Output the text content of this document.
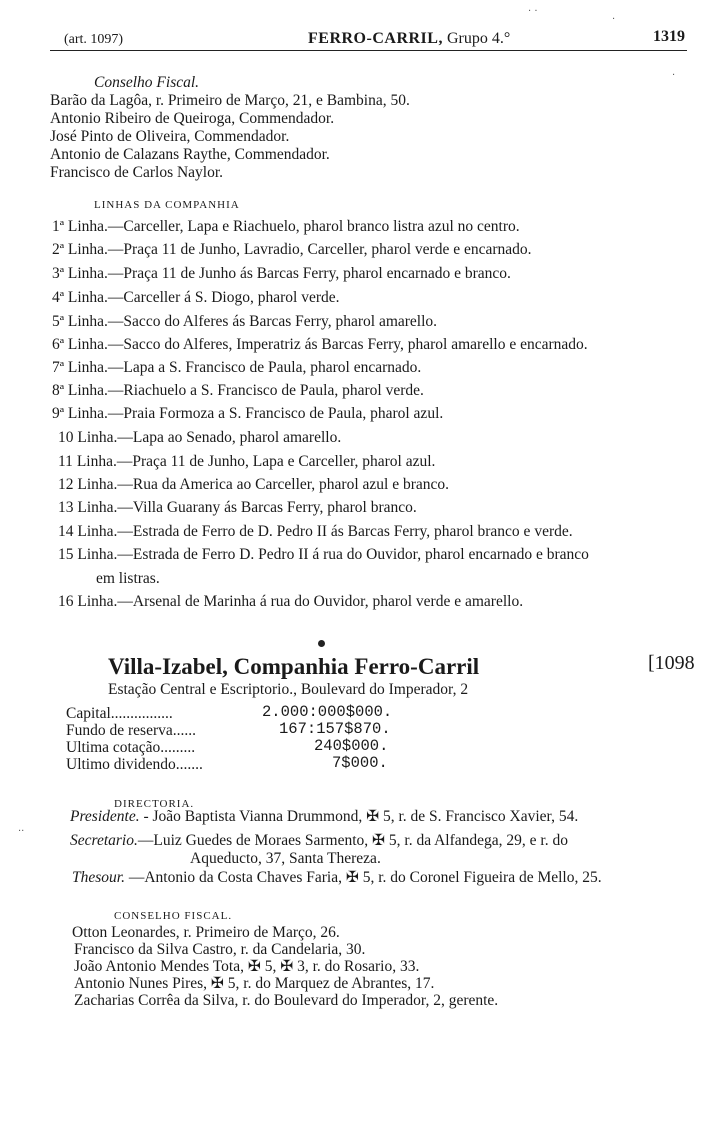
(art. 1097)	FERRO-CARRIL, Grupo 4.°	1319
Conselho Fiscal.
Barão da Lagôa, r. Primeiro de Março, 21, e Bambina, 50.
Antonio Ribeiro de Queiroga, Commendador.
José Pinto de Oliveira, Commendador.
Antonio de Calazans Raythe, Commendador.
Francisco de Carlos Naylor.
LINHAS DA COMPANHIA
1ª Linha.—Carceller, Lapa e Riachuelo, pharol branco listra azul no centro.
2ª Linha.—Praça 11 de Junho, Lavradio, Carceller, pharol verde e encarnado.
3ª Linha.—Praça 11 de Junho ás Barcas Ferry, pharol encarnado e branco.
4ª Linha.—Carceller á S. Diogo, pharol verde.
5ª Linha.—Sacco do Alferes ás Barcas Ferry, pharol amarello.
6ª Linha.—Sacco do Alferes, Imperatriz ás Barcas Ferry, pharol amarello e encarnado.
7ª Linha.—Lapa a S. Francisco de Paula, pharol encarnado.
8ª Linha.—Riachuelo a S. Francisco de Paula, pharol verde.
9ª Linha.—Praia Formoza a S. Francisco de Paula, pharol azul.
10 Linha.—Lapa ao Senado, pharol amarello.
11 Linha.—Praça 11 de Junho, Lapa e Carceller, pharol azul.
12 Linha.—Rua da America ao Carceller, pharol azul e branco.
13 Linha.—Villa Guarany ás Barcas Ferry, pharol branco.
14 Linha.—Estrada de Ferro de D. Pedro II ás Barcas Ferry, pharol branco e verde.
15 Linha.—Estrada de Ferro D. Pedro II á rua do Ouvidor, pharol encarnado e branco
em listras.
16 Linha.—Arsenal de Marinha á rua do Ouvidor, pharol verde e amarello.
Villa-Izabel, Companhia Ferro-Carril	[1098
Estação Central e Escriptorio., Boulevard do Imperador, 2
Capital................	2.000:000$000.
Fundo de reserva......	167:157$870.
Ultima cotação.........	240$000.
Ultimo dividendo.......	7$000.
DIRECTORIA.
Presidente. - João Baptista Vianna Drummond, ✠ 5, r. de S. Francisco Xavier, 54.
Secretario.—Luiz Guedes de Moraes Sarmento, ✠ 5, r. da Alfandega, 29, e r. do
Aqueducto, 37, Santa Thereza.
Thesour. —Antonio da Costa Chaves Faria, ✠ 5, r. do Coronel Figueira de Mello, 25.
CONSELHO FISCAL.
Otton Leonardes, r. Primeiro de Março, 26.
Francisco da Silva Castro, r. da Candelaria, 30.
João Antonio Mendes Tota, ✠ 5, ✠ 3, r. do Rosario, 33.
Antonio Nunes Pires, ✠ 5, r. do Marquez de Abrantes, 17.
Zacharias Corrêa da Silva, r. do Boulevard do Imperador, 2, gerente.
· ·
·
·
··
